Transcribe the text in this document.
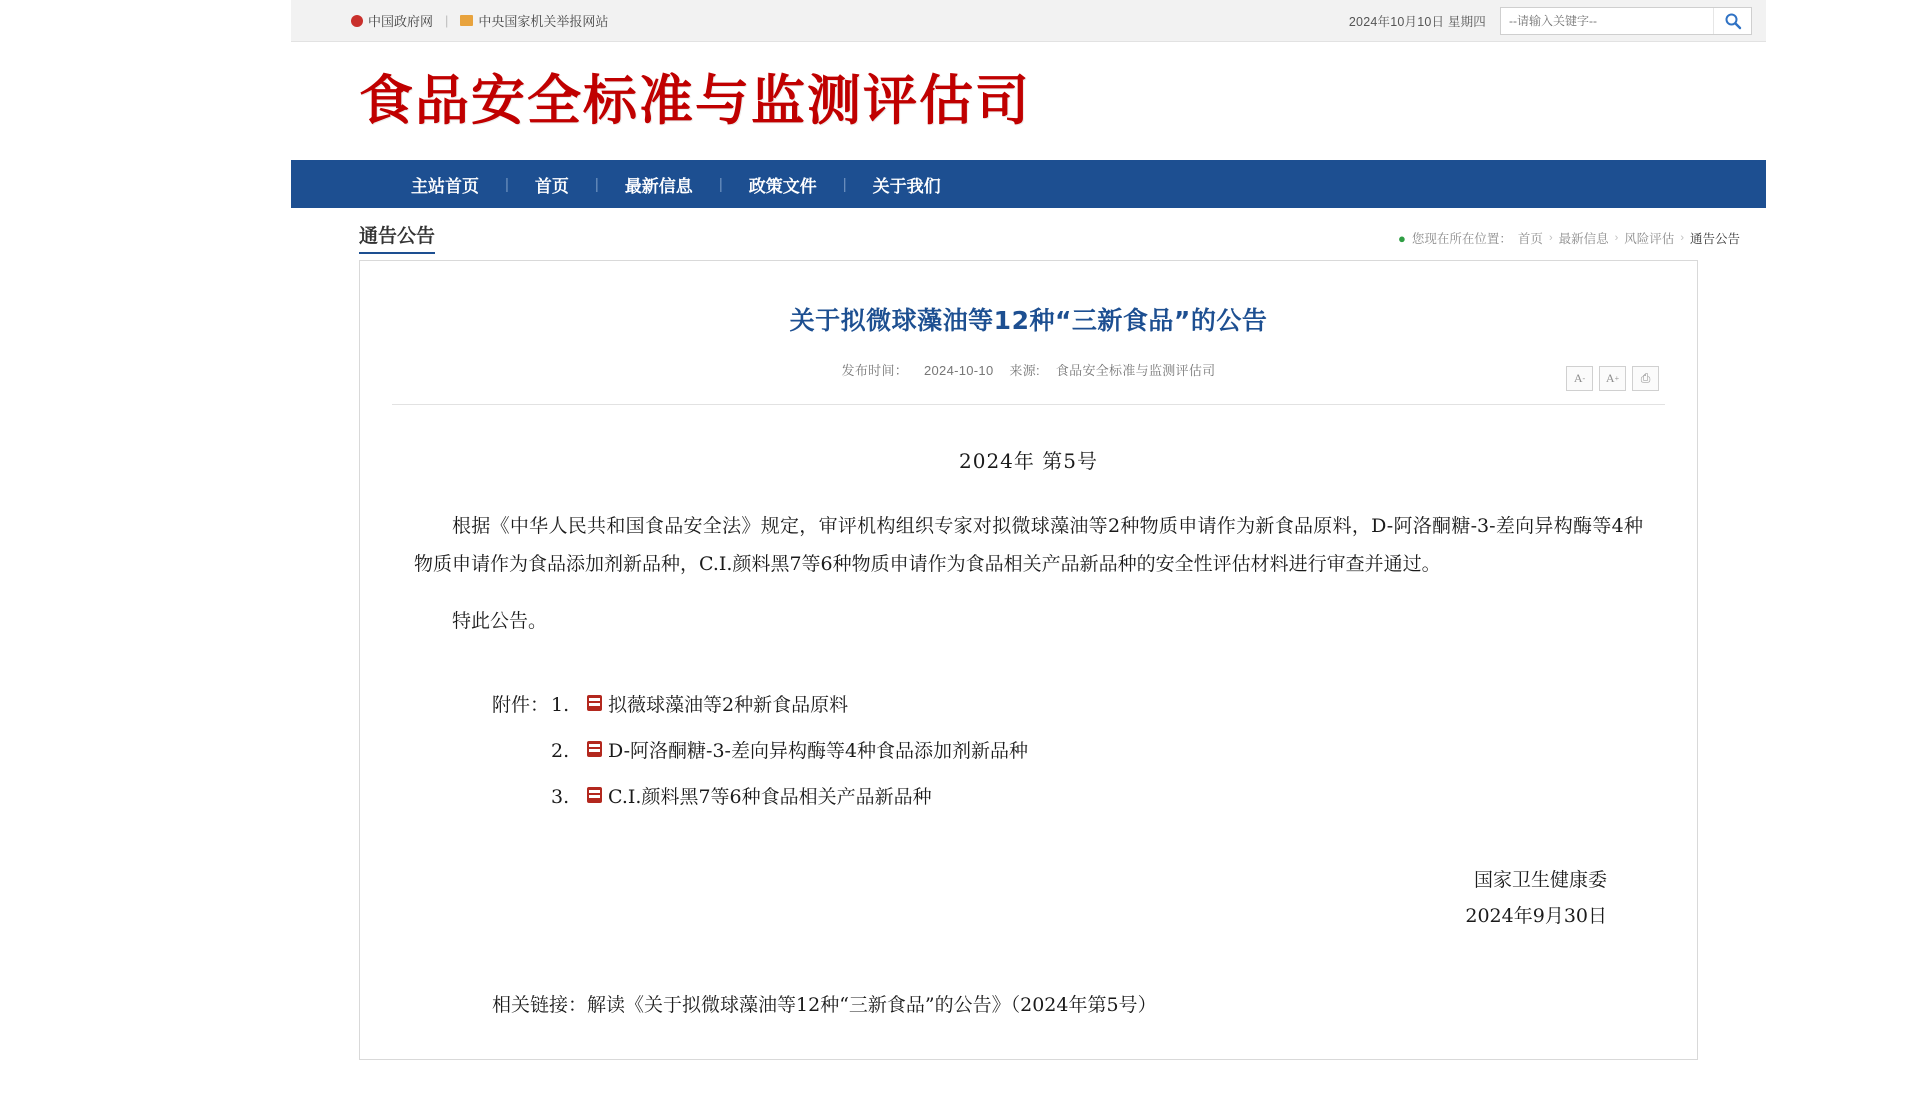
中国政府网 |	中央国家机关举报网站	2024年10月10日 星期四
--请输入关键字--
食品安全标准与监测评估司
主站首页	|	首页	|	最新信息	|	政策文件	|	关于我们
通告公告	● 您现在所在位置： 首页 › 最新信息 › 风险评估 › 通告公告
关于拟微球藻油等12种“三新食品”的公告
发布时间： 2024-10-10 来源: 食品安全标准与监测评估司	A - A + ⎙
2024年 第5号

根据《中华人民共和国食品安全法》规定，审评机构组织专家对拟微球藻油等2种物质申请作为新食品原料，D-阿洛酮糖-3-差向异构酶等4种物质申请作为食品添加剂新品种，C.I.颜料黑7等6种物质申请作为食品相关产品新品种的安全性评估材料进行审查并通过。

特此公告。

附件： 1.	拟薇球藻油等2种新食品原料
2.	D-阿洛酮糖-3-差向异构酶等4种食品添加剂新品种
3.	C.I.颜料黑7等6种食品相关产品新品种
国家卫生健康委
2024年9月30日
相关链接：解读《关于拟微球藻油等12种“三新食品”的公告》（2024年第5号）
